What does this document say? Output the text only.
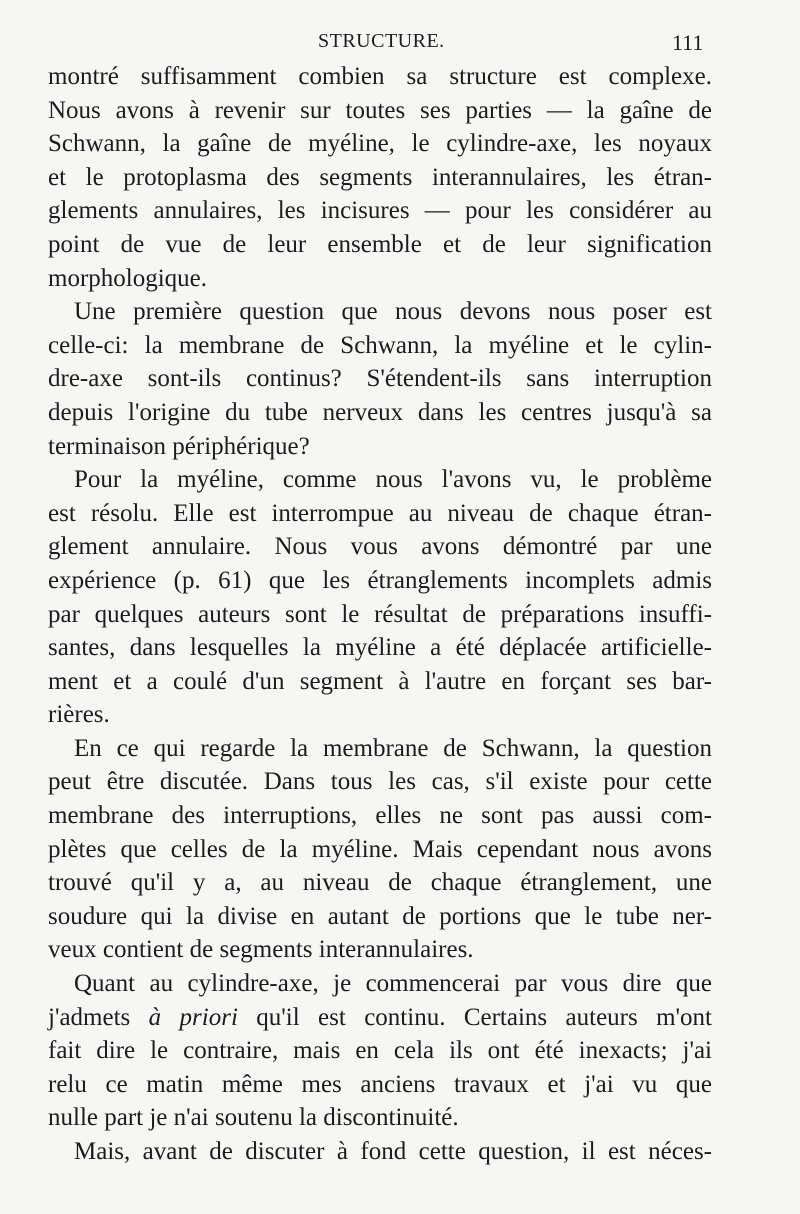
STRUCTURE.	111

montré suffisamment combien sa structure est complexe.
Nous avons à revenir sur toutes ses parties — la gaîne de
Schwann, la gaîne de myéline, le cylindre-axe, les noyaux
et le protoplasma des segments interannulaires, les étran-
glements annulaires, les incisures — pour les considérer au
point de vue de leur ensemble et de leur signification
morphologique.

Une première question que nous devons nous poser est
celle-ci: la membrane de Schwann, la myéline et le cylin-
dre-axe sont-ils continus? S'étendent-ils sans interruption
depuis l'origine du tube nerveux dans les centres jusqu'à sa
terminaison périphérique?

Pour la myéline, comme nous l'avons vu, le problème
est résolu. Elle est interrompue au niveau de chaque étran-
glement annulaire. Nous vous avons démontré par une
expérience (p. 61) que les étranglements incomplets admis
par quelques auteurs sont le résultat de préparations insuffi-
santes, dans lesquelles la myéline a été déplacée artificielle-
ment et a coulé d'un segment à l'autre en forçant ses bar-
rières.

En ce qui regarde la membrane de Schwann, la question
peut être discutée. Dans tous les cas, s'il existe pour cette
membrane des interruptions, elles ne sont pas aussi com-
plètes que celles de la myéline. Mais cependant nous avons
trouvé qu'il y a, au niveau de chaque étranglement, une
soudure qui la divise en autant de portions que le tube ner-
veux contient de segments interannulaires.

Quant au cylindre-axe, je commencerai par vous dire que
j'admets à priori qu'il est continu. Certains auteurs m'ont
fait dire le contraire, mais en cela ils ont été inexacts; j'ai
relu ce matin même mes anciens travaux et j'ai vu que
nulle part je n'ai soutenu la discontinuité.

Mais, avant de discuter à fond cette question, il est néces-
